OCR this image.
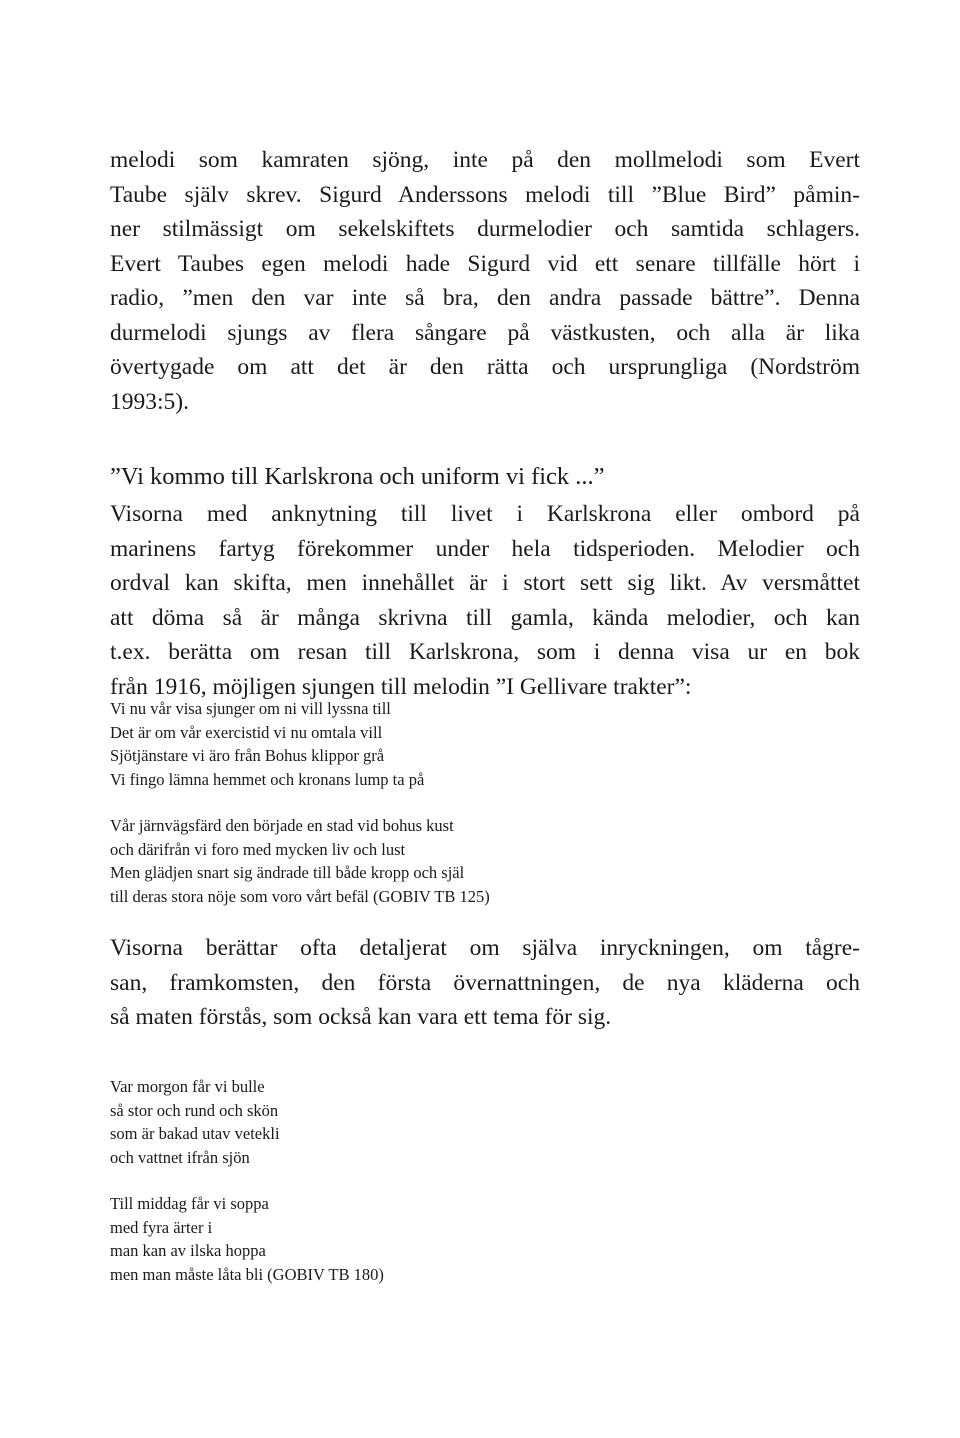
melodi som kamraten sjöng, inte på den mollmelodi som Evert
Taube själv skrev. Sigurd Anderssons melodi till ”Blue Bird” påmin-
ner stilmässigt om sekelskiftets durmelodier och samtida schlagers.
Evert Taubes egen melodi hade Sigurd vid ett senare tillfälle hört i
radio, ”men den var inte så bra, den andra passade bättre”. Denna
durmelodi sjungs av flera sångare på västkusten, och alla är lika
övertygade om att det är den rätta och ursprungliga (Nordström
1993:5).
”Vi kommo till Karlskrona och uniform vi fick ...”
Visorna med anknytning till livet i Karlskrona eller ombord på
marinens fartyg förekommer under hela tidsperioden. Melodier och
ordval kan skifta, men innehållet är i stort sett sig likt. Av versmåttet
att döma så är många skrivna till gamla, kända melodier, och kan
t.ex. berätta om resan till Karlskrona, som i denna visa ur en bok
från 1916, möjligen sjungen till melodin ”I Gellivare trakter”:
Vi nu vår visa sjunger om ni vill lyssna till
Det är om vår exercistid vi nu omtala vill
Sjötjänstare vi äro från Bohus klippor grå
Vi fingo lämna hemmet och kronans lump ta på
Vår järnvägsfärd den började en stad vid bohus kust
och därifrån vi foro med mycken liv och lust
Men glädjen snart sig ändrade till både kropp och själ
till deras stora nöje som voro vårt befäl (GOBIV TB 125)
Visorna berättar ofta detaljerat om själva inryckningen, om tågre-
san, framkomsten, den första övernattningen, de nya kläderna och
så maten förstås, som också kan vara ett tema för sig.
Var morgon får vi bulle
så stor och rund och skön
som är bakad utav vetekli
och vattnet ifrån sjön
Till middag får vi soppa
med fyra ärter i
man kan av ilska hoppa
men man måste låta bli (GOBIV TB 180)
